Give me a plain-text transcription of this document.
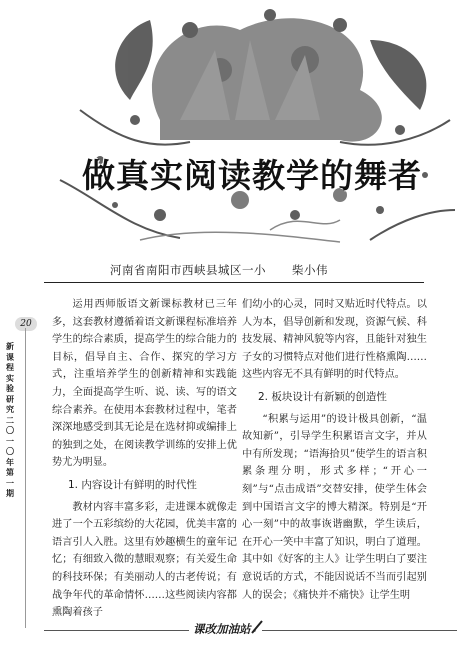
做真实阅读教学的舞者
河南省南阳市西峡县城区一小 柴小伟
20
新课程实验研究二〇一〇年第一期

运用西师版语文新课标教材已三年多，这套教材遵循着语文新课程标准培养学生的综合素质，提高学生的综合能力的目标，倡导自主、合作、探究的学习方式，注重培养学生的创新精神和实践能力，全面提高学生听、说、读、写的语文综合素养。在使用本套教材过程中，笔者深深地感受到其无论是在选材抑或编排上的独到之处，在阅读教学训练的安排上优势尤为明显。

1. 内容设计有鲜明的时代性

教材内容丰富多彩，走进课本就像走进了一个五彩缤纷的大花园，优美丰富的语言引人入胜。这里有妙趣横生的童年记忆；有细致入微的慧眼观察；有关爱生命的科技环保；有美丽动人的古老传说；有战争年代的革命情怀……这些阅读内容都熏陶着孩子

们幼小的心灵，同时又贴近时代特点。以人为本，倡导创新和发现，资源气候、科技发展、精神风貌等内容，且能针对独生子女的习惯特点对他们进行性格熏陶……这些内容无不具有鲜明的时代特点。

2. 板块设计有新颖的创造性

“积累与运用”的设计极具创新，“温故知新”，引导学生积累语言文字，并从中有所发现；“语海拾贝”使学生的语言积累条理分明，形式多样；“开心一刻”与“点击成语”交替安排，使学生体会到中国语言文字的博大精深。特别是“开心一刻”中的故事诙谐幽默，学生读后，在开心一笑中丰富了知识，明白了道理。其中如《好客的主人》让学生明白了要注意说话的方式，不能因说话不当而引起别人的误会；《痛快并不痛快》让学生明

课改加油站
